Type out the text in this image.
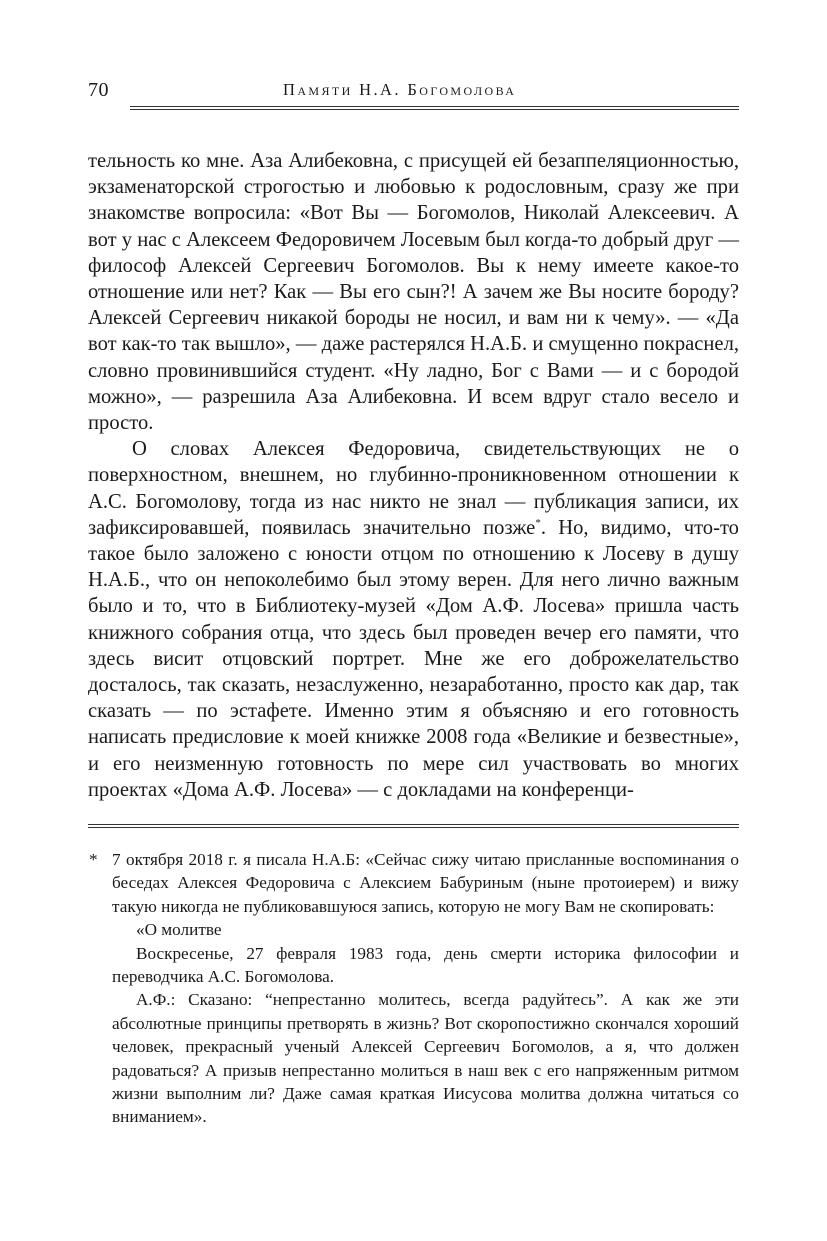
70	Памяти Н.А. Богомолова

тельность ко мне. Аза Алибековна, с присущей ей безаппеляционностью, экзаменаторской строгостью и любовью к родословным, сразу же при знакомстве вопросила: «Вот Вы — Богомолов, Николай Алексеевич. А вот у нас с Алексеем Федоровичем Лосевым был когда-то добрый друг — философ Алексей Сергеевич Богомолов. Вы к нему имеете какое-то отношение или нет? Как — Вы его сын?! А зачем же Вы носите бороду? Алексей Сергеевич никакой бороды не носил, и вам ни к чему». — «Да вот как-то так вышло», — даже растерялся Н.А.Б. и смущенно покраснел, словно провинившийся студент. «Ну ладно, Бог с Вами — и с бородой можно», — разрешила Аза Алибековна. И всем вдруг стало весело и просто.

О словах Алексея Федоровича, свидетельствующих не о поверхностном, внешнем, но глубинно-проникновенном отношении к А.С. Богомолову, тогда из нас никто не знал — публикация записи, их зафиксировавшей, появилась значительно позже*. Но, видимо, что-то такое было заложено с юности отцом по отношению к Лосеву в душу Н.А.Б., что он непоколебимо был этому верен. Для него лично важным было и то, что в Библиотеку-музей «Дом А.Ф. Лосева» пришла часть книжного собрания отца, что здесь был проведен вечер его памяти, что здесь висит отцовский портрет. Мне же его доброжелательство досталось, так сказать, незаслуженно, незаработанно, просто как дар, так сказать — по эстафете. Именно этим я объясняю и его готовность написать предисловие к моей книжке 2008 года «Великие и безвестные», и его неизменную готовность по мере сил участвовать во многих проектах «Дома А.Ф. Лосева» — с докладами на конференци-

* 7 октября 2018 г. я писала Н.А.Б: «Сейчас сижу читаю присланные воспоминания о беседах Алексея Федоровича с Алексием Бабуриным (ныне протоиерем) и вижу такую никогда не публиковавшуюся запись, которую не могу Вам не скопировать:

«О молитве

Воскресенье, 27 февраля 1983 года, день смерти историка философии и переводчика А.С. Богомолова.

А.Ф.: Сказано: “непрестанно молитесь, всегда радуйтесь”. А как же эти абсолютные принципы претворять в жизнь? Вот скоропостижно скончался хороший человек, прекрасный ученый Алексей Сергеевич Богомолов, а я, что должен радоваться? А призыв непрестанно молиться в наш век с его напряженным ритмом жизни выполним ли? Даже самая краткая Иисусова молитва должна читаться со вниманием».
